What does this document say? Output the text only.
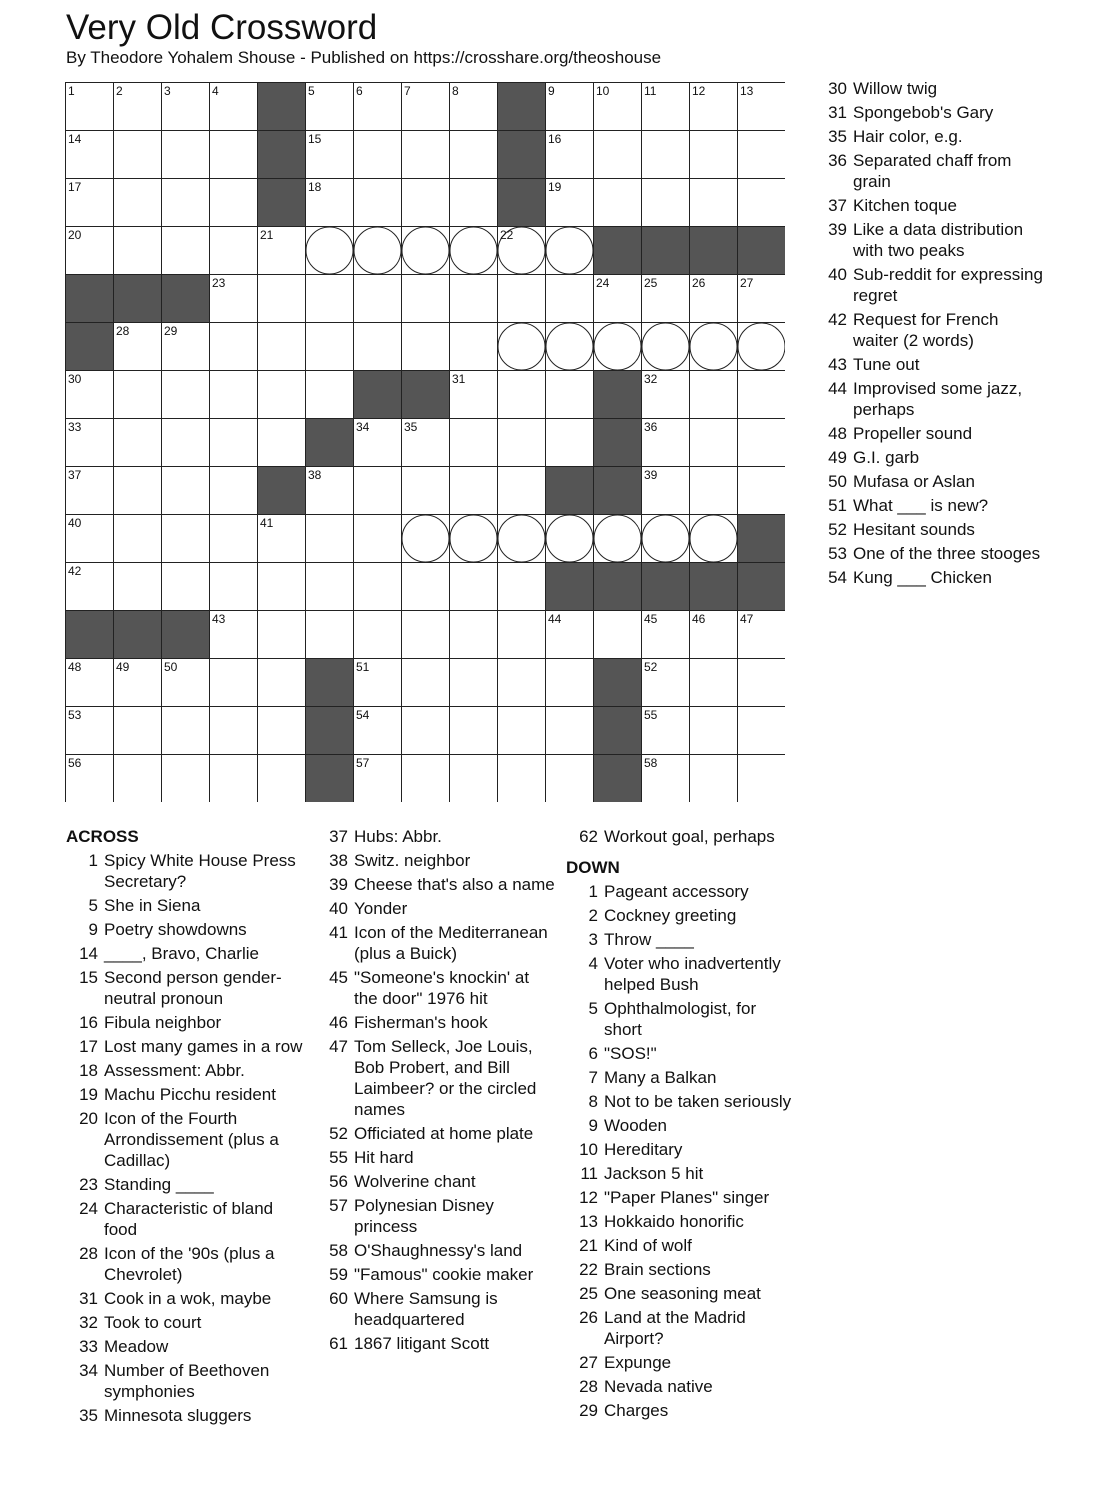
Very Old Crossword
By Theodore Yohalem Shouse - Published on https://crosshare.org/theoshouse
1	2	3	4	5	6	7	8	9	10	11	12	13
14	15	16
17	18	19
20	21	22
23	24	25	26	27
28	29
30	31	32
33	34	35	36
37	38	39
40	41
42
43	44	45	46	47
48	49	50	51	52
53	54	55
56	57	58
ACROSS
1 Spicy White House Press Secretary?
5 She in Siena
9 Poetry showdowns
14 ____, Bravo, Charlie
15 Second person gender-neutral pronoun
16 Fibula neighbor
17 Lost many games in a row
18 Assessment: Abbr.
19 Machu Picchu resident
20 Icon of the Fourth Arrondissement (plus a Cadillac)
23 Standing ____
24 Characteristic of bland food
28 Icon of the '90s (plus a Chevrolet)
31 Cook in a wok, maybe
32 Took to court
33 Meadow
34 Number of Beethoven symphonies
35 Minnesota sluggers
37 Hubs: Abbr.
38 Switz. neighbor
39 Cheese that's also a name
40 Yonder
41 Icon of the Mediterranean (plus a Buick)
45 "Someone's knockin' at the door" 1976 hit
46 Fisherman's hook
47 Tom Selleck, Joe Louis, Bob Probert, and Bill Laimbeer? or the circled names
52 Officiated at home plate
55 Hit hard
56 Wolverine chant
57 Polynesian Disney princess
58 O'Shaughnessy's land
59 "Famous" cookie maker
60 Where Samsung is headquartered
61 1867 litigant Scott
62 Workout goal, perhaps
DOWN
1 Pageant accessory
2 Cockney greeting
3 Throw ____
4 Voter who inadvertently helped Bush
5 Ophthalmologist, for short
6 "SOS!"
7 Many a Balkan
8 Not to be taken seriously
9 Wooden
10 Hereditary
11 Jackson 5 hit
12 "Paper Planes" singer
13 Hokkaido honorific
21 Kind of wolf
22 Brain sections
25 One seasoning meat
26 Land at the Madrid Airport?
27 Expunge
28 Nevada native
29 Charges
30 Willow twig
31 Spongebob's Gary
35 Hair color, e.g.
36 Separated chaff from grain
37 Kitchen toque
39 Like a data distribution with two peaks
40 Sub-reddit for expressing regret
42 Request for French waiter (2 words)
43 Tune out
44 Improvised some jazz, perhaps
48 Propeller sound
49 G.I. garb
50 Mufasa or Aslan
51 What ___ is new?
52 Hesitant sounds
53 One of the three stooges
54 Kung ___ Chicken
